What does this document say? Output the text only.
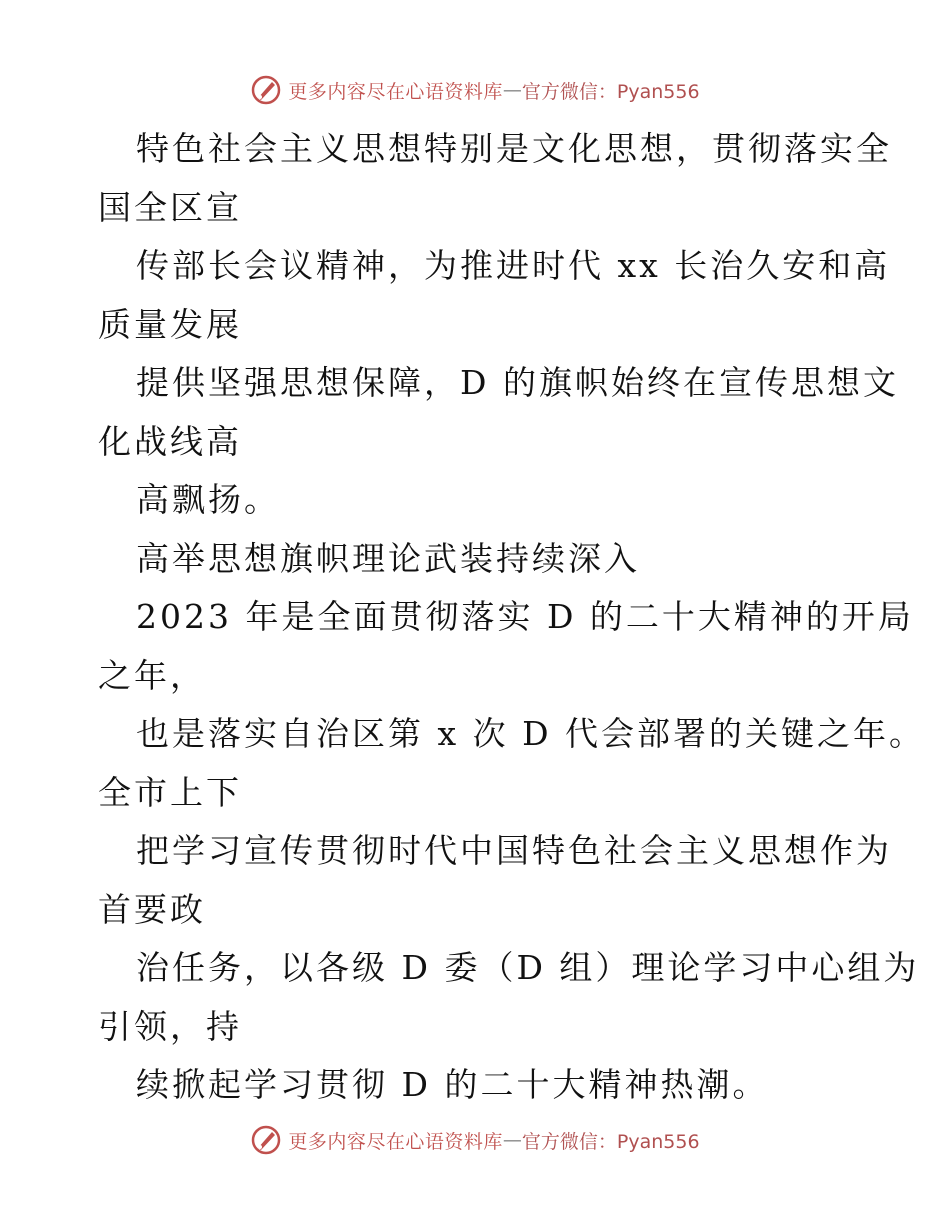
更多内容尽在心语资料库 — 官方微信：Pyan556
特色社会主义思想特别是文化思想，贯彻落实全
国全区宣
传部长会议精神，为推进时代 xx 长治久安和高
质量发展
提供坚强思想保障，D 的旗帜始终在宣传思想文
化战线高
高飘扬。
高举思想旗帜理论武装持续深入
2023 年是全面贯彻落实 D 的二十大精神的开局
之年，
也是落实自治区第 x 次 D 代会部署的关键之年。
全市上下
把学习宣传贯彻时代中国特色社会主义思想作为
首要政
治任务，以各级 D 委（D 组）理论学习中心组为
引领，持
续掀起学习贯彻 D 的二十大精神热潮。
更多内容尽在心语资料库 — 官方微信：Pyan556
